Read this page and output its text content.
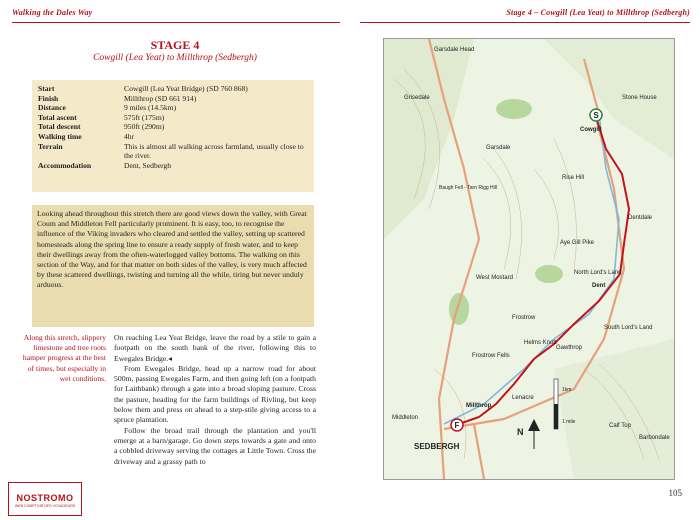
Walking the Dales Way
STAGE 4
Cowgill (Lea Yeat) to Millthrop (Sedbergh)
Start	Cowgill (Lea Yeat Bridge) (SD 760 868)
Finish	Millthrop (SD 661 914)
Distance	9 miles (14.5km)
Total ascent	575ft (175m)
Total descent	950ft (290m)
Walking time	4hr
Terrain	This is almost all walking across farmland, usually close to the river.
Accommodation	Dent, Sedbergh
Looking ahead throughout this stretch there are good views down the valley, with Great Coum and Middleton Fell particularly prominent. It is easy, too, to recognise the influence of the Viking invaders who cleared and settled the valley, setting up scattered homesteads along the spring line to ensure a ready supply of fresh water, and to keep their dwellings away from the often-waterlogged valley bottoms. The walking on this section of the Way, and for that matter on both sides of the valley, is very much affected by these scattered dwellings, twisting and turning all the while, tiring but never unduly arduous.
Along this stretch, slippery limestone and tree roots hamper progress at the best of times, but especially in wet conditions.

On reaching Lea Yeat Bridge, leave the road by a stile to gain a footpath on the south bank of the river, following this to Ewegales Bridge.◂

From Ewegales Bridge, head up a narrow road for about 500m, passing Ewegales Farm, and then going left (on a footpath for Laithbank) through a gate into a broad sloping pasture. Cross the pasture, heading for the farm buildings of Rivling, but keep below them and press on ahead to a step-stile giving access to a spruce plantation.

Follow the broad trail through the plantation and you'll emerge at a barn/garage. Go down steps towards a gate and onto a cobbled driveway serving the cottages at Little Town. Cross the driveway and a grassy path to

NOSTROMO
WEB COMPTOIR DES VOYAGEURS
Stage 4 – Cowgill (Lea Yeat) to Millthrop (Sedbergh)
105
S
F
Garsdale Head
Grisedale
Cowgill
Stone House
Garsdale
Baugh Fell - Tarn Rigg Hill
Rise Hill
Aye Gill Pike
West Mostard
North Lord's Land
Dent
Dentdale
Frostrow
Helms Knott
Gawthrop
South Lord's Land
Millthrop
SEDBERGH
Lenacre
Frostrow Fells
Calf Top
Barbondale
Middleton
N
1km
1 mile
